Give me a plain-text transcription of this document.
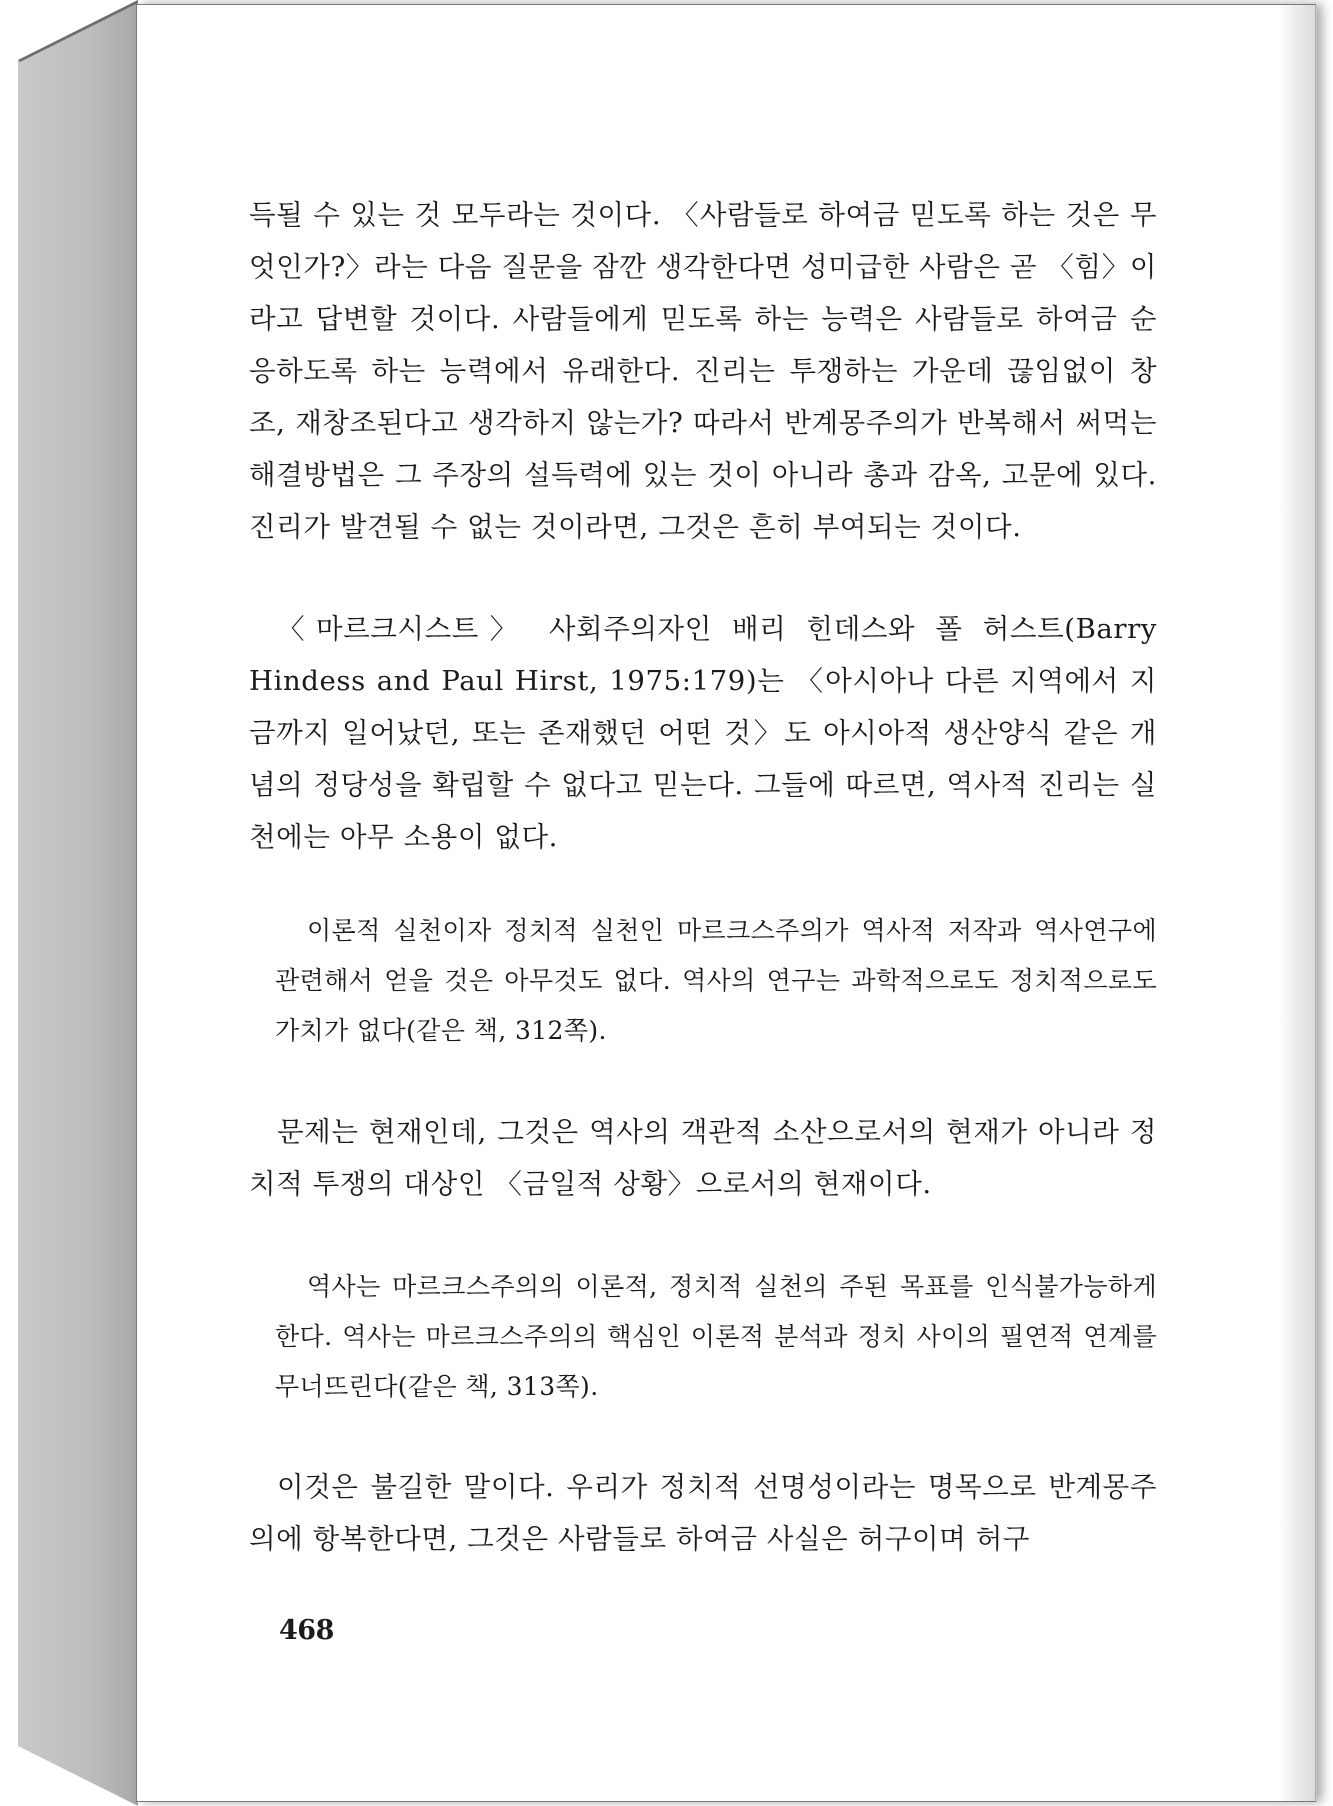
득될 수 있는 것 모두라는 것이다. 〈사람들로 하여금 믿도록 하는 것은 무엇인가?〉라는 다음 질문을 잠깐 생각한다면 성미급한 사람은 곧 〈힘〉이라고 답변할 것이다. 사람들에게 믿도록 하는 능력은 사람들로 하여금 순응하도록 하는 능력에서 유래한다. 진리는 투쟁하는 가운데 끊임없이 창조, 재창조된다고 생각하지 않는가? 따라서 반계몽주의가 반복해서 써먹는 해결방법은 그 주장의 설득력에 있는 것이 아니라 총과 감옥, 고문에 있다. 진리가 발견될 수 없는 것이라면, 그것은 흔히 부여되는 것이다.

〈마르크시스트〉 사회주의자인 배리 힌데스와 폴 허스트(Barry Hindess and Paul Hirst, 1975:179)는 〈아시아나 다른 지역에서 지금까지 일어났던, 또는 존재했던 어떤 것〉도 아시아적 생산양식 같은 개념의 정당성을 확립할 수 없다고 믿는다. 그들에 따르면, 역사적 진리는 실천에는 아무 소용이 없다.

이론적 실천이자 정치적 실천인 마르크스주의가 역사적 저작과 역사연구에 관련해서 얻을 것은 아무것도 없다. 역사의 연구는 과학적으로도 정치적으로도 가치가 없다(같은 책, 312쪽).

문제는 현재인데, 그것은 역사의 객관적 소산으로서의 현재가 아니라 정치적 투쟁의 대상인 〈금일적 상황〉으로서의 현재이다.

역사는 마르크스주의의 이론적, 정치적 실천의 주된 목표를 인식불가능하게 한다. 역사는 마르크스주의의 핵심인 이론적 분석과 정치 사이의 필연적 연계를 무너뜨린다(같은 책, 313쪽).

이것은 불길한 말이다. 우리가 정치적 선명성이라는 명목으로 반계몽주의에 항복한다면, 그것은 사람들로 하여금 사실은 허구이며 허구

468
